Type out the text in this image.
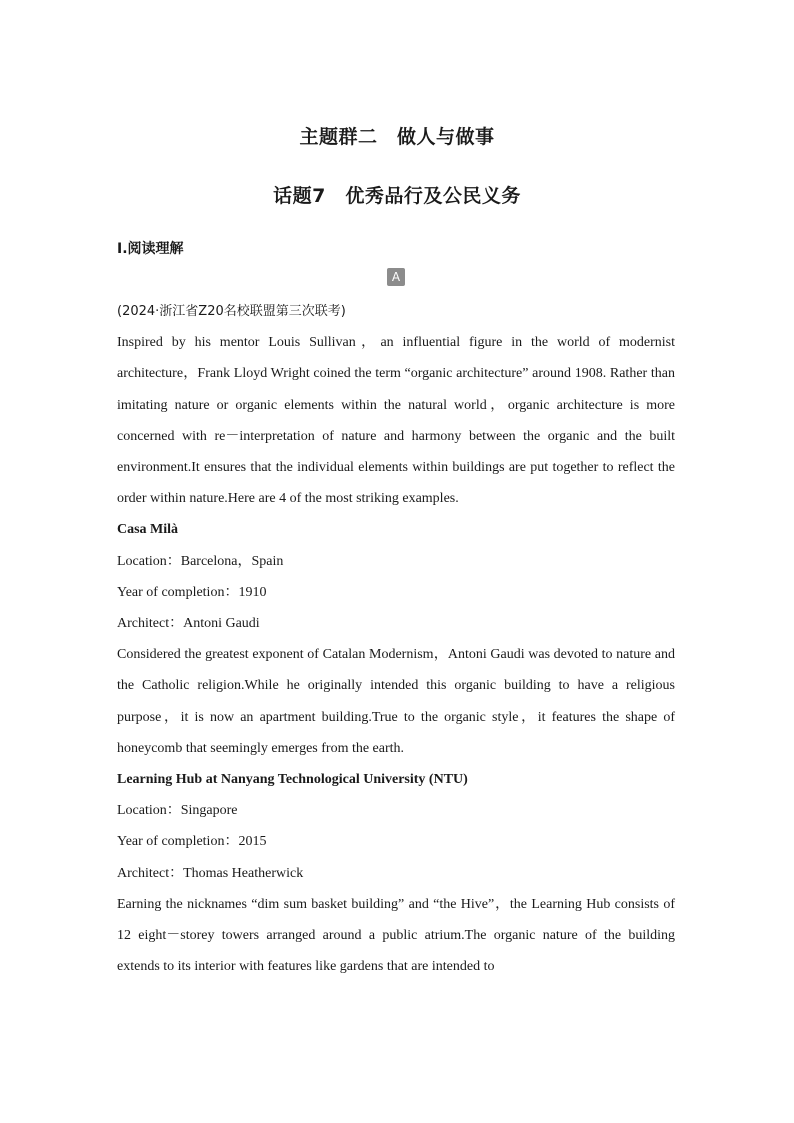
主题群二　做人与做事
话题7　优秀品行及公民义务
Ⅰ.阅读理解
A

(2024·浙江省Z20名校联盟第三次联考)

Inspired by his mentor Louis Sullivan，an influential figure in the world of modernist architecture，Frank Lloyd Wright coined the term “organic architecture” around 1908. Rather than imitating nature or organic elements within the natural world，organic architecture is more concerned with re－interpretation of nature and harmony between the organic and the built environment.It ensures that the individual elements within buildings are put together to reflect the order within nature.Here are 4 of the most striking examples.

Casa Milà

Location：Barcelona，Spain

Year of completion：1910

Architect：Antoni Gaudi

Considered the greatest exponent of Catalan Modernism，Antoni Gaudi was devoted to nature and the Catholic religion.While he originally intended this organic building to have a religious purpose，it is now an apartment building.True to the organic style，it features the shape of honeycomb that seemingly emerges from the earth.

Learning Hub at Nanyang Technological University (NTU)

Location：Singapore

Year of completion：2015

Architect：Thomas Heatherwick

Earning the nicknames “dim sum basket building” and “the Hive”，the Learning Hub consists of 12 eight－storey towers arranged around a public atrium.The organic nature of the building extends to its interior with features like gardens that are intended to
